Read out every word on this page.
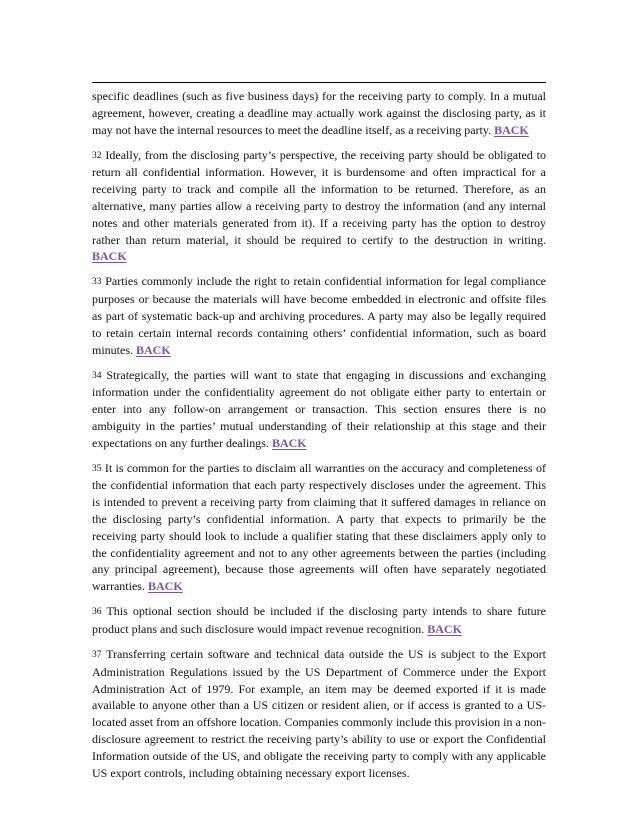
specific deadlines (such as five business days) for the receiving party to comply. In a mutual agreement, however, creating a deadline may actually work against the disclosing party, as it may not have the internal resources to meet the deadline itself, as a receiving party. BACK

32 Ideally, from the disclosing party’s perspective, the receiving party should be obligated to return all confidential information. However, it is burdensome and often impractical for a receiving party to track and compile all the information to be returned. Therefore, as an alternative, many parties allow a receiving party to destroy the information (and any internal notes and other materials generated from it). If a receiving party has the option to destroy rather than return material, it should be required to certify to the destruction in writing. BACK

33 Parties commonly include the right to retain confidential information for legal compliance purposes or because the materials will have become embedded in electronic and offsite files as part of systematic back-up and archiving procedures. A party may also be legally required to retain certain internal records containing others’ confidential information, such as board minutes. BACK

34 Strategically, the parties will want to state that engaging in discussions and exchanging information under the confidentiality agreement do not obligate either party to entertain or enter into any follow-on arrangement or transaction. This section ensures there is no ambiguity in the parties’ mutual understanding of their relationship at this stage and their expectations on any further dealings. BACK

35 It is common for the parties to disclaim all warranties on the accuracy and completeness of the confidential information that each party respectively discloses under the agreement. This is intended to prevent a receiving party from claiming that it suffered damages in reliance on the disclosing party’s confidential information. A party that expects to primarily be the receiving party should look to include a qualifier stating that these disclaimers apply only to the confidentiality agreement and not to any other agreements between the parties (including any principal agreement), because those agreements will often have separately negotiated warranties. BACK

36 This optional section should be included if the disclosing party intends to share future product plans and such disclosure would impact revenue recognition. BACK

37 Transferring certain software and technical data outside the US is subject to the Export Administration Regulations issued by the US Department of Commerce under the Export Administration Act of 1979. For example, an item may be deemed exported if it is made available to anyone other than a US citizen or resident alien, or if access is granted to a US-located asset from an offshore location. Companies commonly include this provision in a non-disclosure agreement to restrict the receiving party’s ability to use or export the Confidential Information outside of the US, and obligate the receiving party to comply with any applicable US export controls, including obtaining necessary export licenses.
